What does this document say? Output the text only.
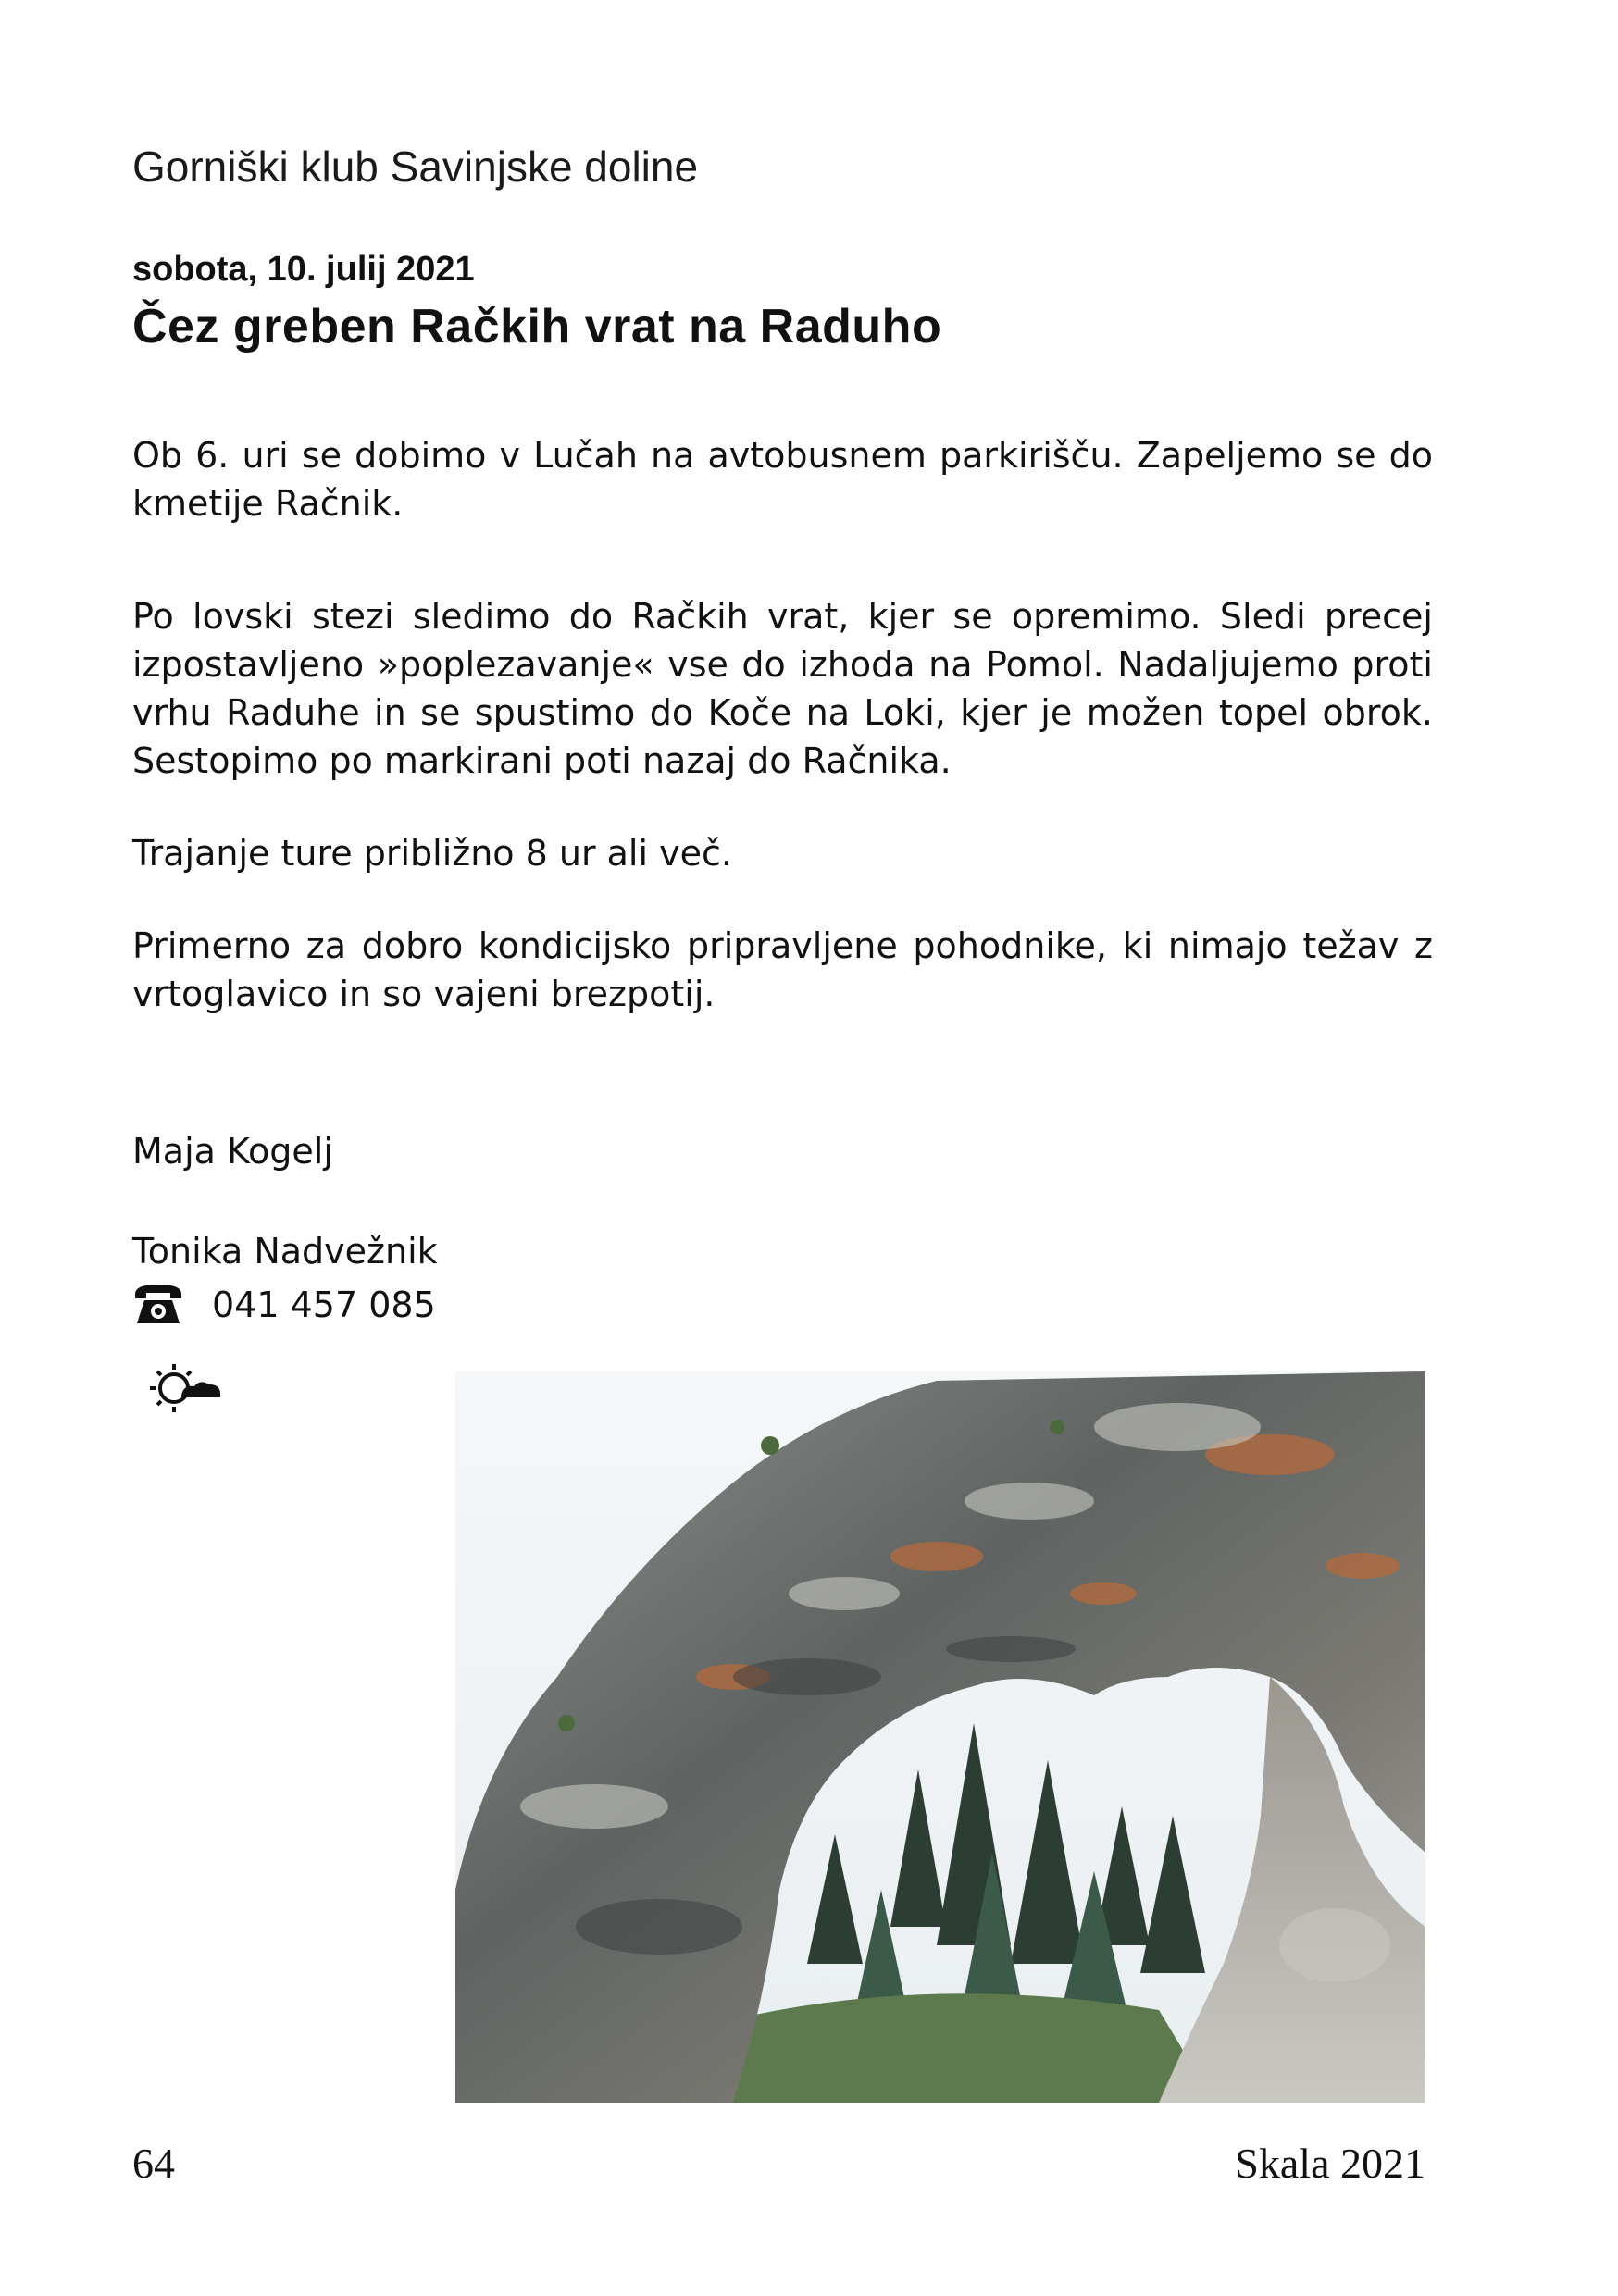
Gorniški klub Savinjske doline
sobota, 10. julij 2021
Čez greben Račkih vrat na Raduho

Ob 6. uri se dobimo v Lučah na avtobusnem parkirišču. Zapeljemo se do kmetije Račnik.

Po lovski stezi sledimo do Račkih vrat, kjer se opremimo. Sledi precej izpostavljeno »poplezavanje« vse do izhoda na Pomol. Nadaljujemo proti vrhu Raduhe in se spustimo do Koče na Loki, kjer je možen topel obrok. Sestopimo po markirani poti nazaj do Račnika.

Trajanje ture približno 8 ur ali več.

Primerno za dobro kondicijsko pripravljene pohodnike, ki nimajo težav z vrtoglavico in so vajeni brezpotij.

Maja Kogelj
Tonika Nadvežnik
041 457 085
64	Skala 2021
